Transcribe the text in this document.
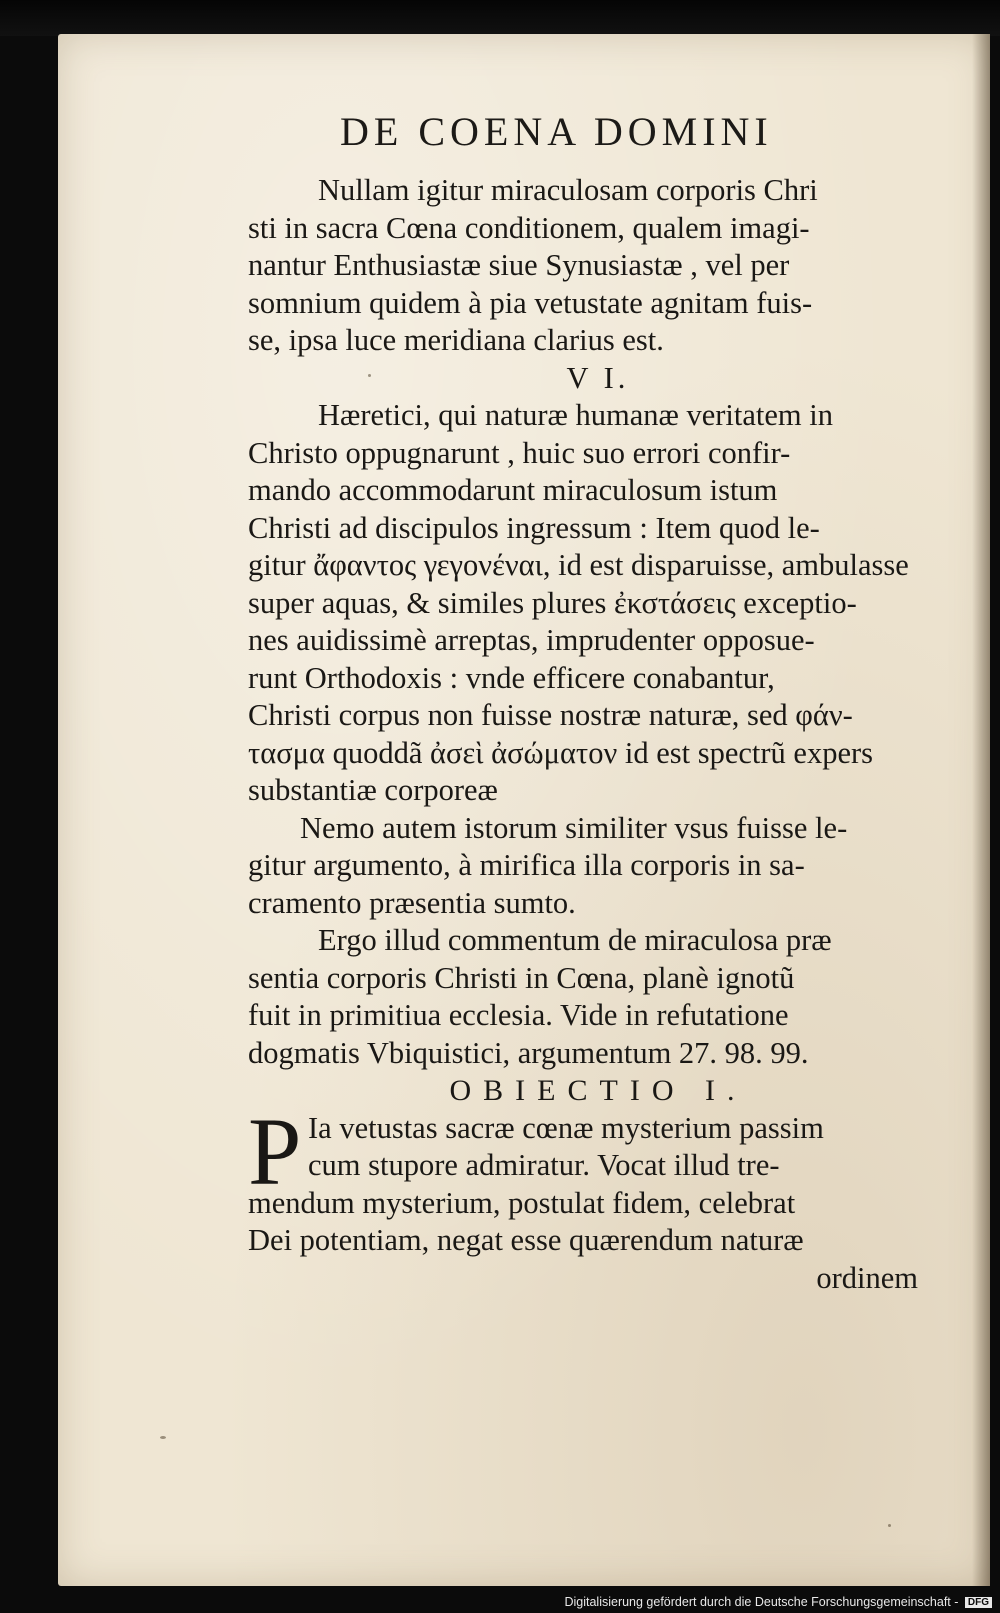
DE COENA DOMINI
Nullam igitur miraculosam corporis Chri
sti in sacra Cœna conditionem, qualem imagi-
nantur Enthusiastæ siue Synusiastæ , vel per
somnium quidem à pia vetustate agnitam fuis-
se, ipsa luce meridiana clarius est.
V I.
Hæretici, qui naturæ humanæ veritatem in
Christo oppugnarunt , huic suo errori confir-
mando accommodarunt miraculosum istum
Christi ad discipulos ingressum : Item quod le-
gitur ἄφαντος γεγονέναι, id est disparuisse, ambulasse
super aquas, & similes plures ἐκστάσεις exceptio-
nes auidissimè arreptas, imprudenter opposue-
runt Orthodoxis : vnde efficere conabantur,
Christi corpus non fuisse nostræ naturæ, sed φάν-
τασμα quoddã ἀσεὶ ἀσώματον id est spectrũ expers
substantiæ corporeæ
Nemo autem istorum similiter vsus fuisse le-
gitur argumento, à mirifica illa corporis in sa-
cramento præsentia sumto.
Ergo illud commentum de miraculosa præ
sentia corporis Christi in Cœna, planè ignotũ
fuit in primitiua ecclesia. Vide in refutatione
dogmatis Vbiquistici, argumentum 27. 98. 99.
OBIECTIO I.
P Ia vetustas sacræ cœnæ mysterium passim
cum stupore admiratur. Vocat illud tre-
mendum mysterium, postulat fidem, celebrat
Dei potentiam, negat esse quærendum naturæ
ordinem
Digitalisierung gefördert durch die Deutsche Forschungsgemeinschaft - DFG
